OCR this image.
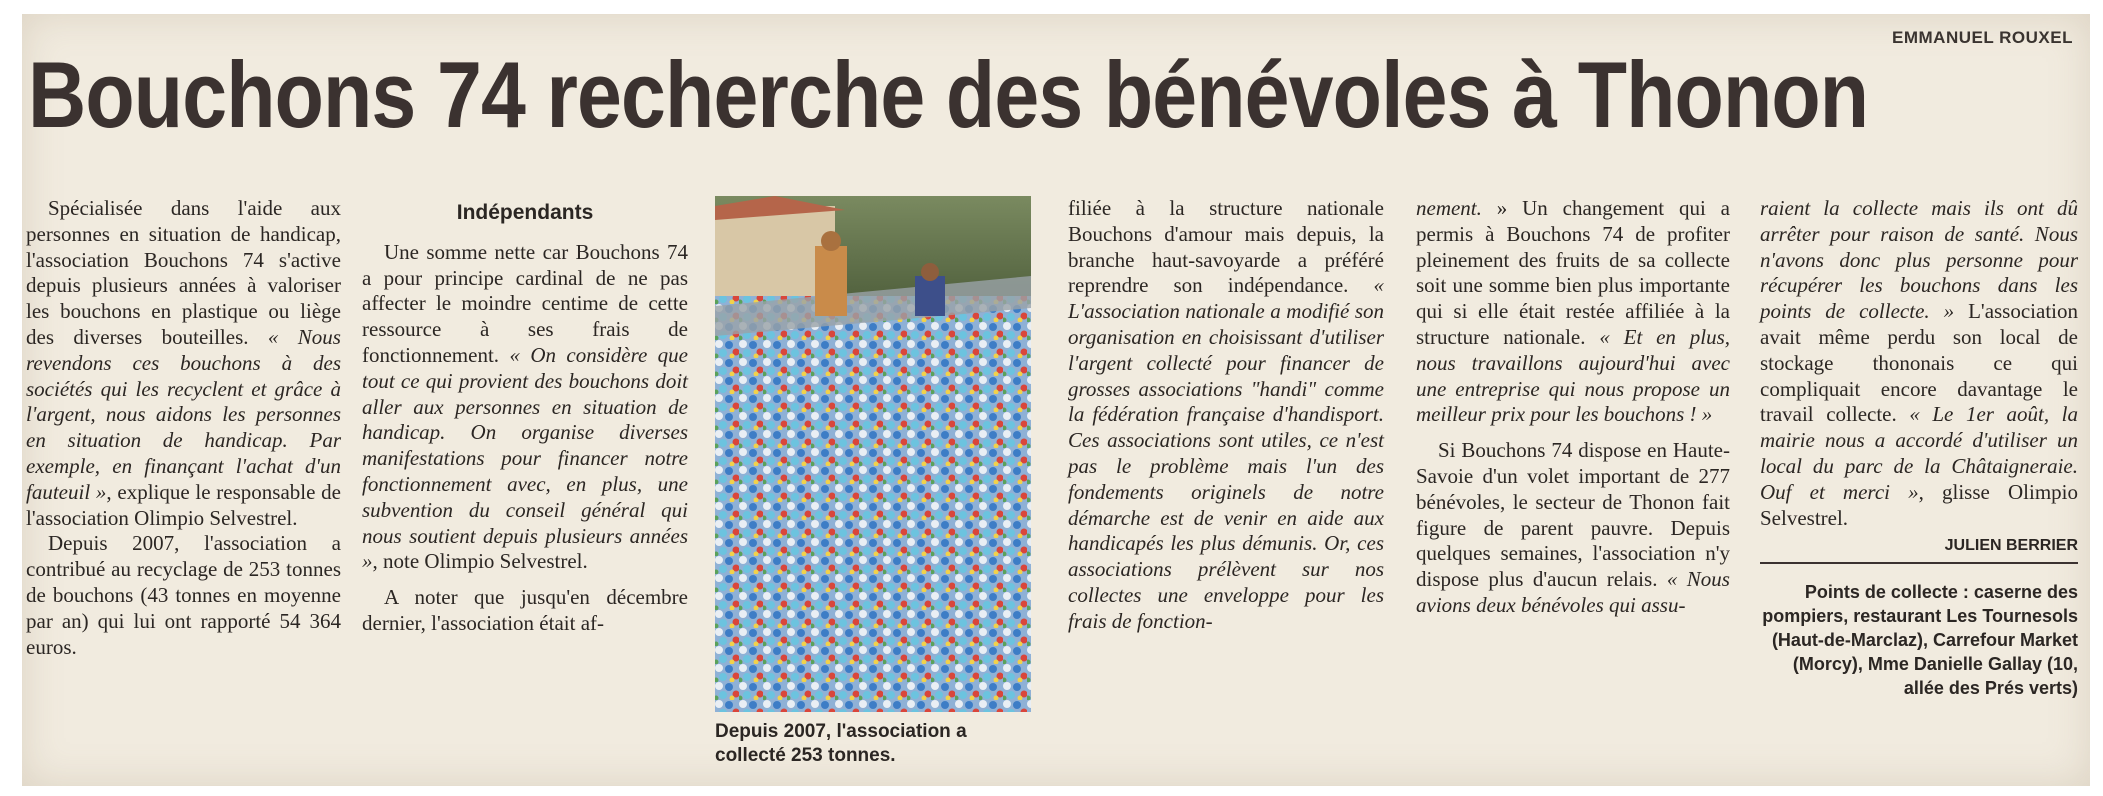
EMMANUEL ROUXEL
Bouchons 74 recherche des bénévoles à Thonon

Spécialisée dans l'aide aux personnes en situation de handicap, l'association Bouchons 74 s'active depuis plusieurs années à valoriser les bouchons en plastique ou liège des diverses bouteilles. « Nous revendons ces bouchons à des sociétés qui les recyclent et grâce à l'argent, nous aidons les personnes en situation de handicap. Par exemple, en finançant l'achat d'un fauteuil », explique le responsable de l'association Olimpio Selvestrel.

Depuis 2007, l'association a contribué au recyclage de 253 tonnes de bouchons (43 tonnes en moyenne par an) qui lui ont rapporté 54 364 euros.

Indépendants

Une somme nette car Bouchons 74 a pour principe cardinal de ne pas affecter le moindre centime de cette ressource à ses frais de fonctionnement. « On considère que tout ce qui provient des bouchons doit aller aux personnes en situation de handicap. On organise diverses manifestations pour financer notre fonctionnement avec, en plus, une subvention du conseil général qui nous soutient depuis plusieurs années », note Olimpio Selvestrel.

A noter que jusqu'en décembre dernier, l'association était af-

Depuis 2007, l'association a collecté 253 tonnes.

filiée à la structure nationale Bouchons d'amour mais depuis, la branche haut-savoyarde a préféré reprendre son indépendance. « L'association nationale a modifié son organisation en choisissant d'utiliser l'argent collecté pour financer de grosses associations "handi" comme la fédération française d'handisport. Ces associations sont utiles, ce n'est pas le problème mais l'un des fondements originels de notre démarche est de venir en aide aux handicapés les plus démunis. Or, ces associations prélèvent sur nos collectes une enveloppe pour les frais de fonction-

nement. » Un changement qui a permis à Bouchons 74 de profiter pleinement des fruits de sa collecte soit une somme bien plus importante qui si elle était restée affiliée à la structure nationale. « Et en plus, nous travaillons aujourd'hui avec une entreprise qui nous propose un meilleur prix pour les bouchons ! »

Si Bouchons 74 dispose en Haute-Savoie d'un volet important de 277 bénévoles, le secteur de Thonon fait figure de parent pauvre. Depuis quelques semaines, l'association n'y dispose plus d'aucun relais. « Nous avions deux bénévoles qui assu-

raient la collecte mais ils ont dû arrêter pour raison de santé. Nous n'avons donc plus personne pour récupérer les bouchons dans les points de collecte. » L'association avait même perdu son local de stockage thononais ce qui compliquait encore davantage le travail collecte. « Le 1er août, la mairie nous a accordé d'utiliser un local du parc de la Châtaigneraie. Ouf et merci », glisse Olimpio Selvestrel.

JULIEN BERRIER
Points de collecte : caserne des pompiers, restaurant Les Tournesols (Haut-de-Marclaz), Carrefour Market (Morcy), Mme Danielle Gallay (10, allée des Prés verts)
